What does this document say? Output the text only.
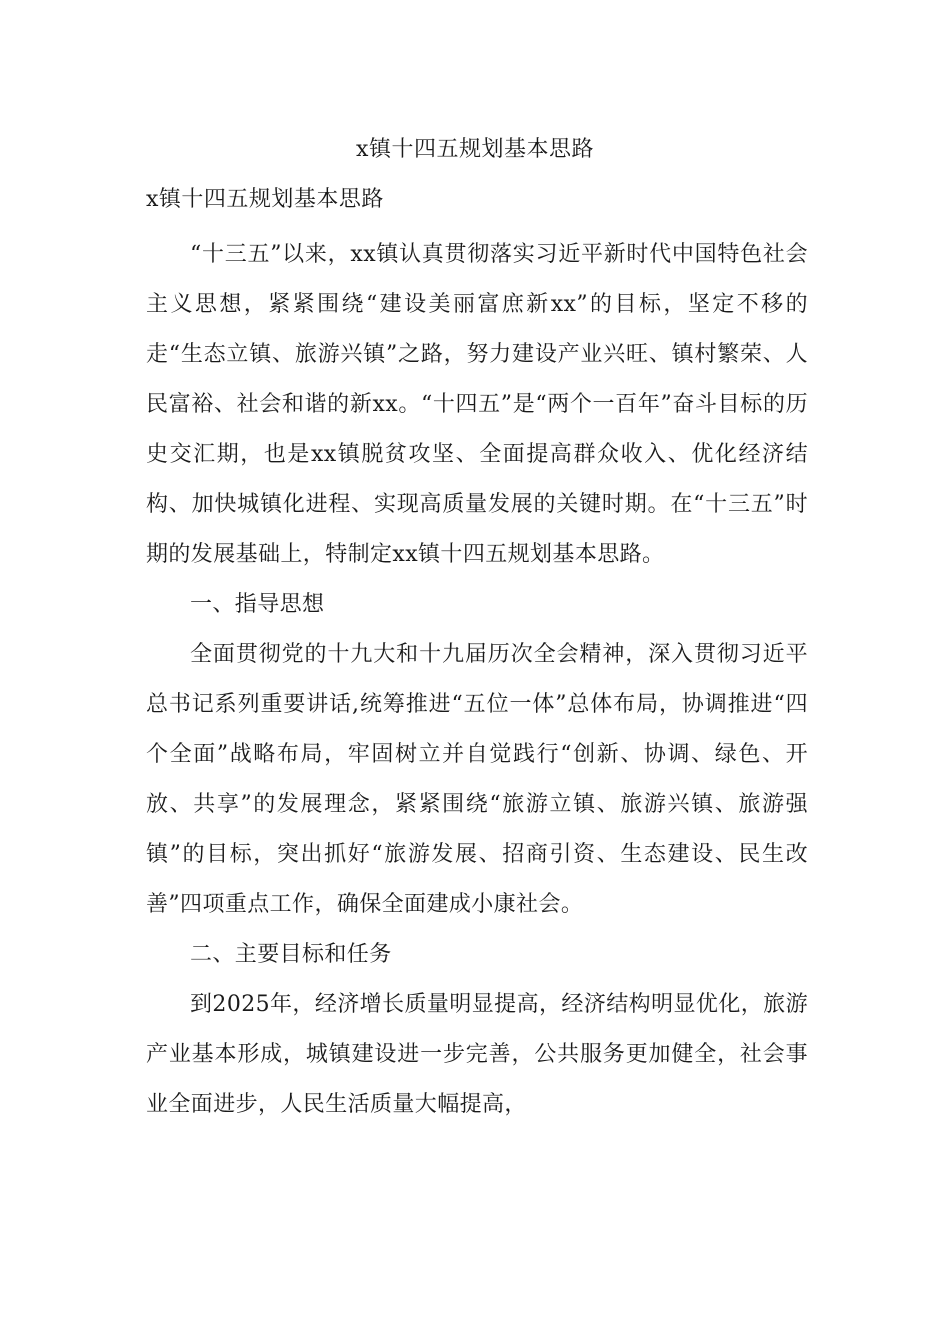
x镇十四五规划基本思路
x镇十四五规划基本思路

“十三五”以来，xx镇认真贯彻落实习近平新时代中国特色社会主义思想，紧紧围绕“建设美丽富庶新xx”的目标，坚定不移的走“生态立镇、旅游兴镇”之路，努力建设产业兴旺、镇村繁荣、人民富裕、社会和谐的新xx。“十四五”是“两个一百年”奋斗目标的历史交汇期，也是xx镇脱贫攻坚、全面提高群众收入、优化经济结构、加快城镇化进程、实现高质量发展的关键时期。在“十三五”时期的发展基础上，特制定xx镇十四五规划基本思路。

一、指导思想

全面贯彻党的十九大和十九届历次全会精神，深入贯彻习近平总书记系列重要讲话,统筹推进“五位一体”总体布局，协调推进“四个全面”战略布局，牢固树立并自觉践行“创新、协调、绿色、开放、共享”的发展理念，紧紧围绕“旅游立镇、旅游兴镇、旅游强镇”的目标，突出抓好“旅游发展、招商引资、生态建设、民生改善”四项重点工作，确保全面建成小康社会。

二、主要目标和任务

到2025年，经济增长质量明显提高，经济结构明显优化，旅游产业基本形成，城镇建设进一步完善，公共服务更加健全，社会事业全面进步，人民生活质量大幅提高，
